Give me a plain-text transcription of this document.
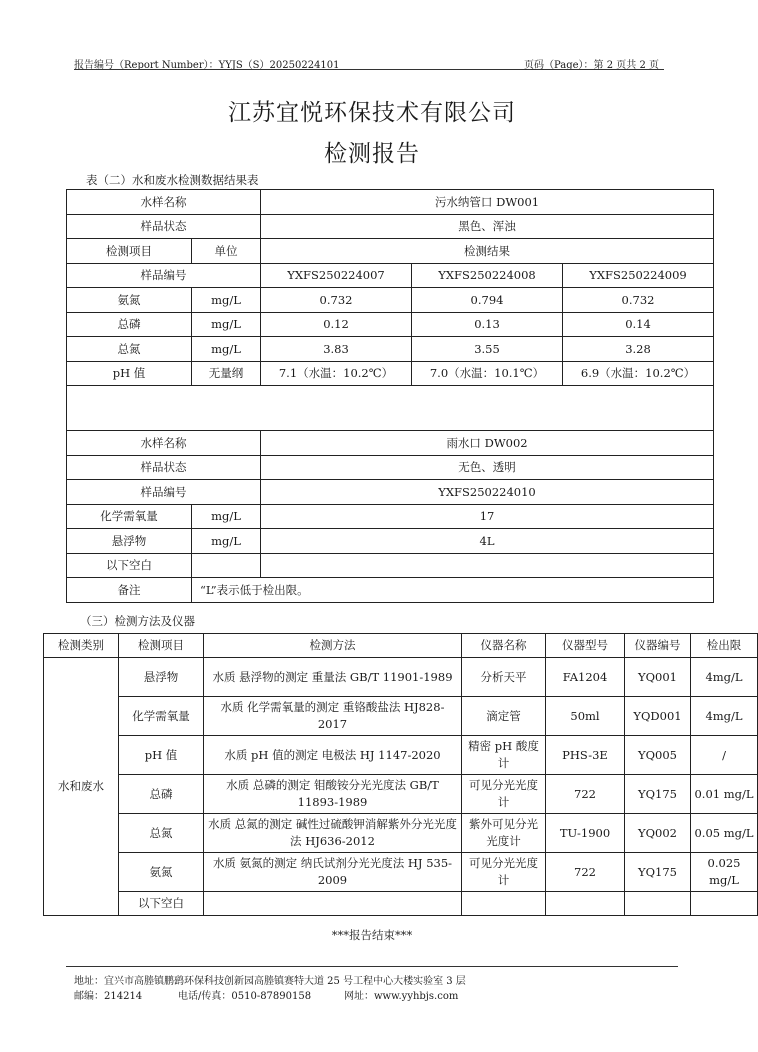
报告编号（Report Number）：YYJS（S）20250224101	页码（Page）：第 2 页共 2 页
江苏宜悦环保技术有限公司
检测报告
表（二）水和废水检测数据结果表
水样名称		污水纳管口 DW001		
样品状态		黑色、浑浊		
检测项目	单位	检测结果		
样品编号		YXFS250224007	YXFS250224008	YXFS250224009
氨氮	mg/L	0.732	0.794	0.732
总磷	mg/L	0.12	0.13	0.14
总氮	mg/L	3.83	3.55	3.28
pH 值	无量纲	7.1（水温：10.2℃）	7.0（水温：10.1℃）	6.9（水温：10.2℃）

水样名称		雨水口 DW002		
样品状态		无色、透明		
样品编号		YXFS250224010		
化学需氧量	mg/L	17		
悬浮物	mg/L	4L		
以下空白				
备注	“L”表示低于检出限。			
（三）检测方法及仪器
检测类别	检测项目	检测方法	仪器名称	仪器型号	仪器编号	检出限
水和废水	悬浮物	水质 悬浮物的测定 重量法 GB/T 11901-1989	分析天平	FA1204	YQ001	4mg/L
	化学需氧量	水质 化学需氧量的测定 重铬酸盐法 HJ828-2017	滴定管	50ml	YQD001	4mg/L
	pH 值	水质 pH 值的测定 电极法 HJ 1147-2020	精密 pH 酸度计	PHS-3E	YQ005	/
	总磷	水质 总磷的测定 钼酸铵分光光度法 GB/T 11893-1989	可见分光光度计	722	YQ175	0.01 mg/L
	总氮	水质 总氮的测定 碱性过硫酸钾消解紫外分光光度法 HJ636-2012	紫外可见分光光度计	TU-1900	YQ002	0.05 mg/L
	氨氮	水质 氨氮的测定 纳氏试剂分光光度法 HJ 535-2009	可见分光光度计	722	YQ175	0.025 mg/L
	以下空白					
***报告结束***
地址：宜兴市高塍镇鹏鹞环保科技创新园高塍镇赛特大道 25 号工程中心大楼实验室 3 层
邮编：214214	电话/传真：0510-87890158	网址：www.yyhbjs.com
